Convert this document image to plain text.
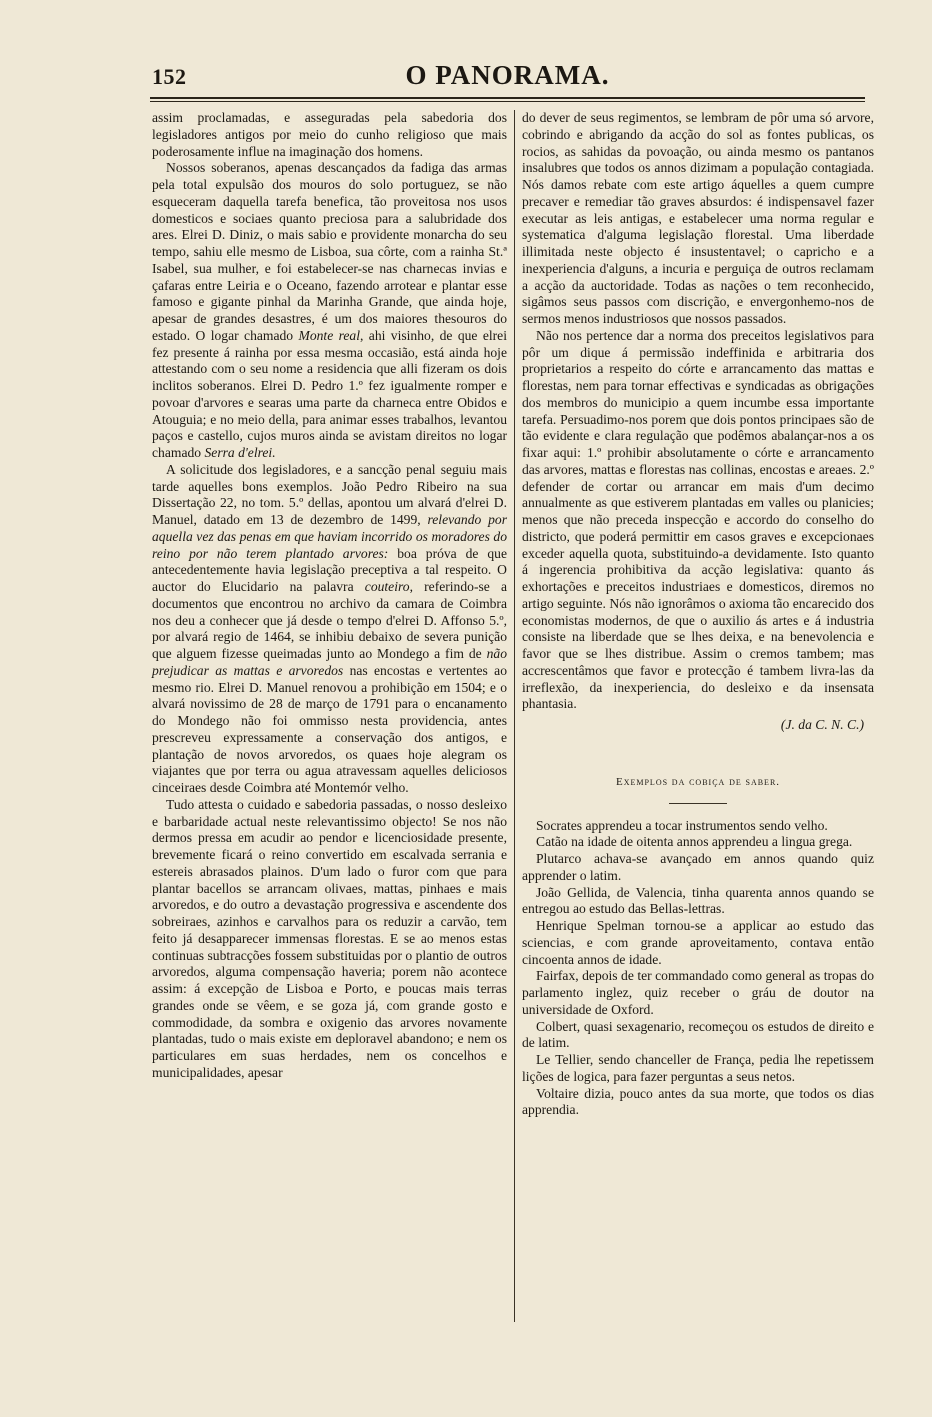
152	O PANORAMA.

assim proclamadas, e asseguradas pela sabedoria dos legisladores antigos por meio do cunho religioso que mais poderosamente influe na imaginação dos homens.

Nossos soberanos, apenas descançados da fadiga das armas pela total expulsão dos mouros do solo portuguez, se não esqueceram daquella tarefa benefica, tão proveitosa nos usos domesticos e sociaes quanto preciosa para a salubridade dos ares. Elrei D. Diniz, o mais sabio e providente monarcha do seu tempo, sahiu elle mesmo de Lisboa, sua côrte, com a rainha St.ª Isabel, sua mulher, e foi estabelecer-se nas charnecas invias e çafaras entre Leiria e o Oceano, fazendo arrotear e plantar esse famoso e gigante pinhal da Marinha Grande, que ainda hoje, apesar de grandes desastres, é um dos maiores thesouros do estado. O logar chamado Monte real, ahi visinho, de que elrei fez presente á rainha por essa mesma occasião, está ainda hoje attestando com o seu nome a residencia que alli fizeram os dois inclitos soberanos. Elrei D. Pedro 1.º fez igualmente romper e povoar d'arvores e searas uma parte da charneca entre Obidos e Atouguia; e no meio della, para animar esses trabalhos, levantou paços e castello, cujos muros ainda se avistam direitos no logar chamado Serra d'elrei.

A solicitude dos legisladores, e a sancção penal seguiu mais tarde aquelles bons exemplos. João Pedro Ribeiro na sua Dissertação 22, no tom. 5.º dellas, apontou um alvará d'elrei D. Manuel, datado em 13 de dezembro de 1499, relevando por aquella vez das penas em que haviam incorrido os moradores do reino por não terem plantado arvores: boa próva de que antecedentemente havia legislação preceptiva a tal respeito. O auctor do Elucidario na palavra couteiro, referindo-se a documentos que encontrou no archivo da camara de Coimbra nos deu a conhecer que já desde o tempo d'elrei D. Affonso 5.º, por alvará regio de 1464, se inhibiu debaixo de severa punição que alguem fizesse queimadas junto ao Mondego a fim de não prejudicar as mattas e arvoredos nas encostas e vertentes ao mesmo rio. Elrei D. Manuel renovou a prohibição em 1504; e o alvará novissimo de 28 de março de 1791 para o encanamento do Mondego não foi ommisso nesta providencia, antes prescreveu expressamente a conservação dos antigos, e plantação de novos arvoredos, os quaes hoje alegram os viajantes que por terra ou agua atravessam aquelles deliciosos cinceiraes desde Coimbra até Montemór velho.

Tudo attesta o cuidado e sabedoria passadas, o nosso desleixo e barbaridade actual neste relevantissimo objecto! Se nos não dermos pressa em acudir ao pendor e licenciosidade presente, brevemente ficará o reino convertido em escalvada serrania e estereis abrasados plainos. D'um lado o furor com que para plantar bacellos se arrancam olivaes, mattas, pinhaes e mais arvoredos, e do outro a devastação progressiva e ascendente dos sobreiraes, azinhos e carvalhos para os reduzir a carvão, tem feito já desapparecer immensas florestas. E se ao menos estas continuas subtracções fossem substituidas por o plantio de outros arvoredos, alguma compensação haveria; porem não acontece assim: á excepção de Lisboa e Porto, e poucas mais terras grandes onde se vêem, e se goza já, com grande gosto e commodidade, da sombra e oxigenio das arvores novamente plantadas, tudo o mais existe em deploravel abandono; e nem os particulares em suas herdades, nem os concelhos e municipalidades, apesar

do dever de seus regimentos, se lembram de pôr uma só arvore, cobrindo e abrigando da acção do sol as fontes publicas, os rocios, as sahidas da povoação, ou ainda mesmo os pantanos insalubres que todos os annos dizimam a população contagiada. Nós damos rebate com este artigo áquelles a quem cumpre precaver e remediar tão graves absurdos: é indispensavel fazer executar as leis antigas, e estabelecer uma norma regular e systematica d'alguma legislação florestal. Uma liberdade illimitada neste objecto é insustentavel; o capricho e a inexperiencia d'alguns, a incuria e perguiça de outros reclamam a acção da auctoridade. Todas as nações o tem reconhecido, sigâmos seus passos com discrição, e envergonhemo-nos de sermos menos industriosos que nossos passados.

Não nos pertence dar a norma dos preceitos legislativos para pôr um dique á permissão indeffinida e arbitraria dos proprietarios a respeito do córte e arrancamento das mattas e florestas, nem para tornar effectivas e syndicadas as obrigações dos membros do municipio a quem incumbe essa importante tarefa. Persuadimo-nos porem que dois pontos principaes são de tão evidente e clara regulação que podêmos abalançar-nos a os fixar aqui: 1.º prohibir absolutamente o córte e arrancamento das arvores, mattas e florestas nas collinas, encostas e areaes. 2.º defender de cortar ou arrancar em mais d'um decimo annualmente as que estiverem plantadas em valles ou planicies; menos que não preceda inspecção e accordo do conselho do districto, que poderá permittir em casos graves e excepcionaes exceder aquella quota, substituindo-a devidamente. Isto quanto á ingerencia prohibitiva da acção legislativa: quanto ás exhortações e preceitos industriaes e domesticos, diremos no artigo seguinte. Nós não ignorâmos o axioma tão encarecido dos economistas modernos, de que o auxilio ás artes e á industria consiste na liberdade que se lhes deixa, e na benevolencia e favor que se lhes distribue. Assim o cremos tambem; mas accrescentâmos que favor e protecção é tambem livra-las da irreflexão, da inexperiencia, do desleixo e da insensata phantasia.

(J. da C. N. C.)
Exemplos da cobiça de saber.

Socrates apprendeu a tocar instrumentos sendo velho.

Catão na idade de oitenta annos apprendeu a lingua grega.

Plutarco achava-se avançado em annos quando quiz apprender o latim.

João Gellida, de Valencia, tinha quarenta annos quando se entregou ao estudo das Bellas-lettras.

Henrique Spelman tornou-se a applicar ao estudo das sciencias, e com grande aproveitamento, contava então cincoenta annos de idade.

Fairfax, depois de ter commandado como general as tropas do parlamento inglez, quiz receber o gráu de doutor na universidade de Oxford.

Colbert, quasi sexagenario, recomeçou os estudos de direito e de latim.

Le Tellier, sendo chanceller de França, pedia lhe repetissem lições de logica, para fazer perguntas a seus netos.

Voltaire dizia, pouco antes da sua morte, que todos os dias apprendia.
